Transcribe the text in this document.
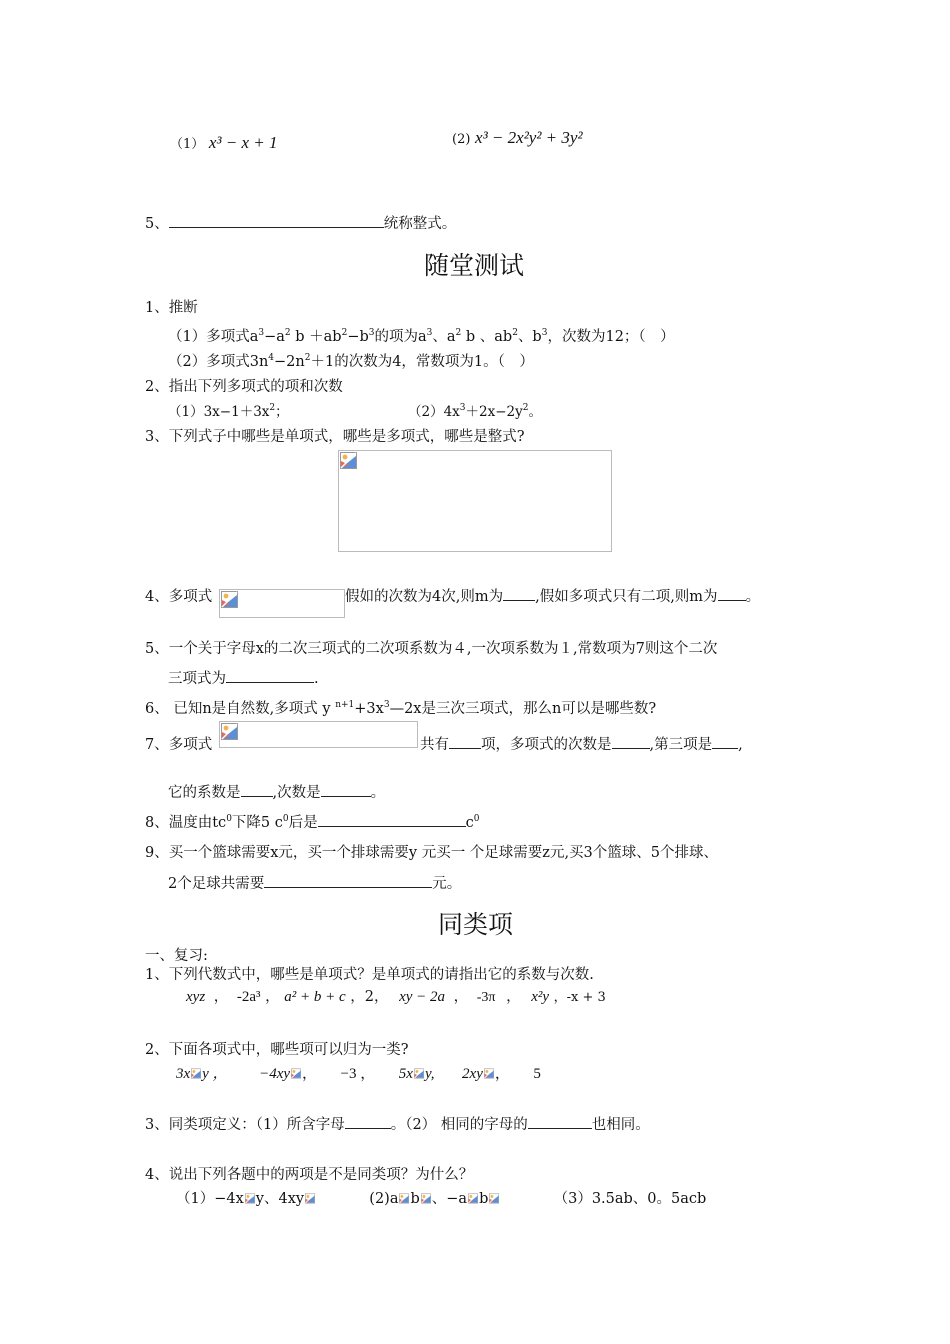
（1） x³ − x + 1	(2) x³ − 2x²y² + 3y²
5、	统称整式。
随堂测试
1、推断
（1）多项式$a^3-a^2$ $b +ab^2-b^3$的项为$a^3$、$a^2$ b 、$ab^2$、$b^3$，次数为12；（　）
（2）多项式$3n^4-2n^2+1$的次数为4，常数项为1。（　）
2、指出下列多项式的项和次数
$(1)3x-1+3x^2$；	$(2)4x^3+2x-2y^2$。
3、下列式子中哪些是单项式，哪些是多项式，哪些是整式?
4、多项式	假如的次数为4次,则m为 ,假如多项式只有二项,则m为 。
5、一个关于字母x的二次三项式的二次项系数为４,一次项系数为１,常数项为7则这个二次
三项式为	.
6、 已知n是自然数,多项式 y $^{n+1}+3x^3—2x$是三次三项式，那么n可以是哪些数?
7、多项式	共有 项，多项式的次数是	,第三项是 ,
它的系数是 ,次数是	。
8、温度由$tc^0$下降5 $c^0$后是	$c^0$
9、买一个篮球需要x元，买一个排球需要y 元买一 个足球需要z元,买3个篮球、5个排球、
2个足球共需要	元。
同类项
一、复习:
1、下列代数式中，哪些是单项式？是单项式的请指出它的系数与次数.
xyz ， -2a³ ， a² + b + c ，2， xy − 2a ， -3π ， x²y ，-x + 3
2、下面各项式中，哪些项可以归为一类?
3x y ， −4xy ， −3 ， 5x y, 2xy ， 5
3、同类项定义：（1）所含字母	。（2） 相同的字母的	也相同。
4、说出下列各题中的两项是不是同类项？为什么？
（1）−4x y、4xy	(2)a b 、−a b	（3）3.5ab、0。5acb
